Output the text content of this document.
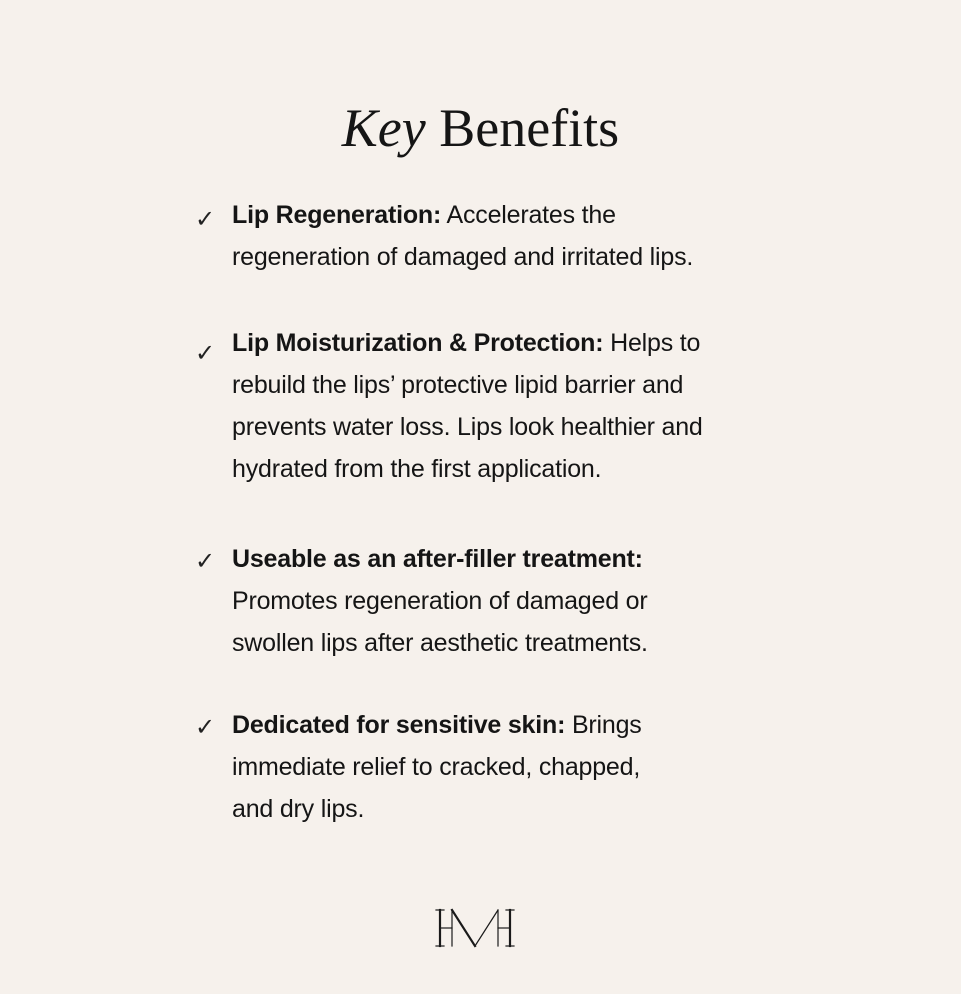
Key Benefits
✓ Lip Regeneration: Accelerates the
regeneration of damaged and irritated lips.
✓ Lip Moisturization & Protection: Helps to
rebuild the lips’ protective lipid barrier and
prevents water loss. Lips look healthier and
hydrated from the first application.
✓ Useable as an after-filler treatment:
Promotes regeneration of damaged or
swollen lips after aesthetic treatments.
✓ Dedicated for sensitive skin: Brings
immediate relief to cracked, chapped,
and dry lips.
